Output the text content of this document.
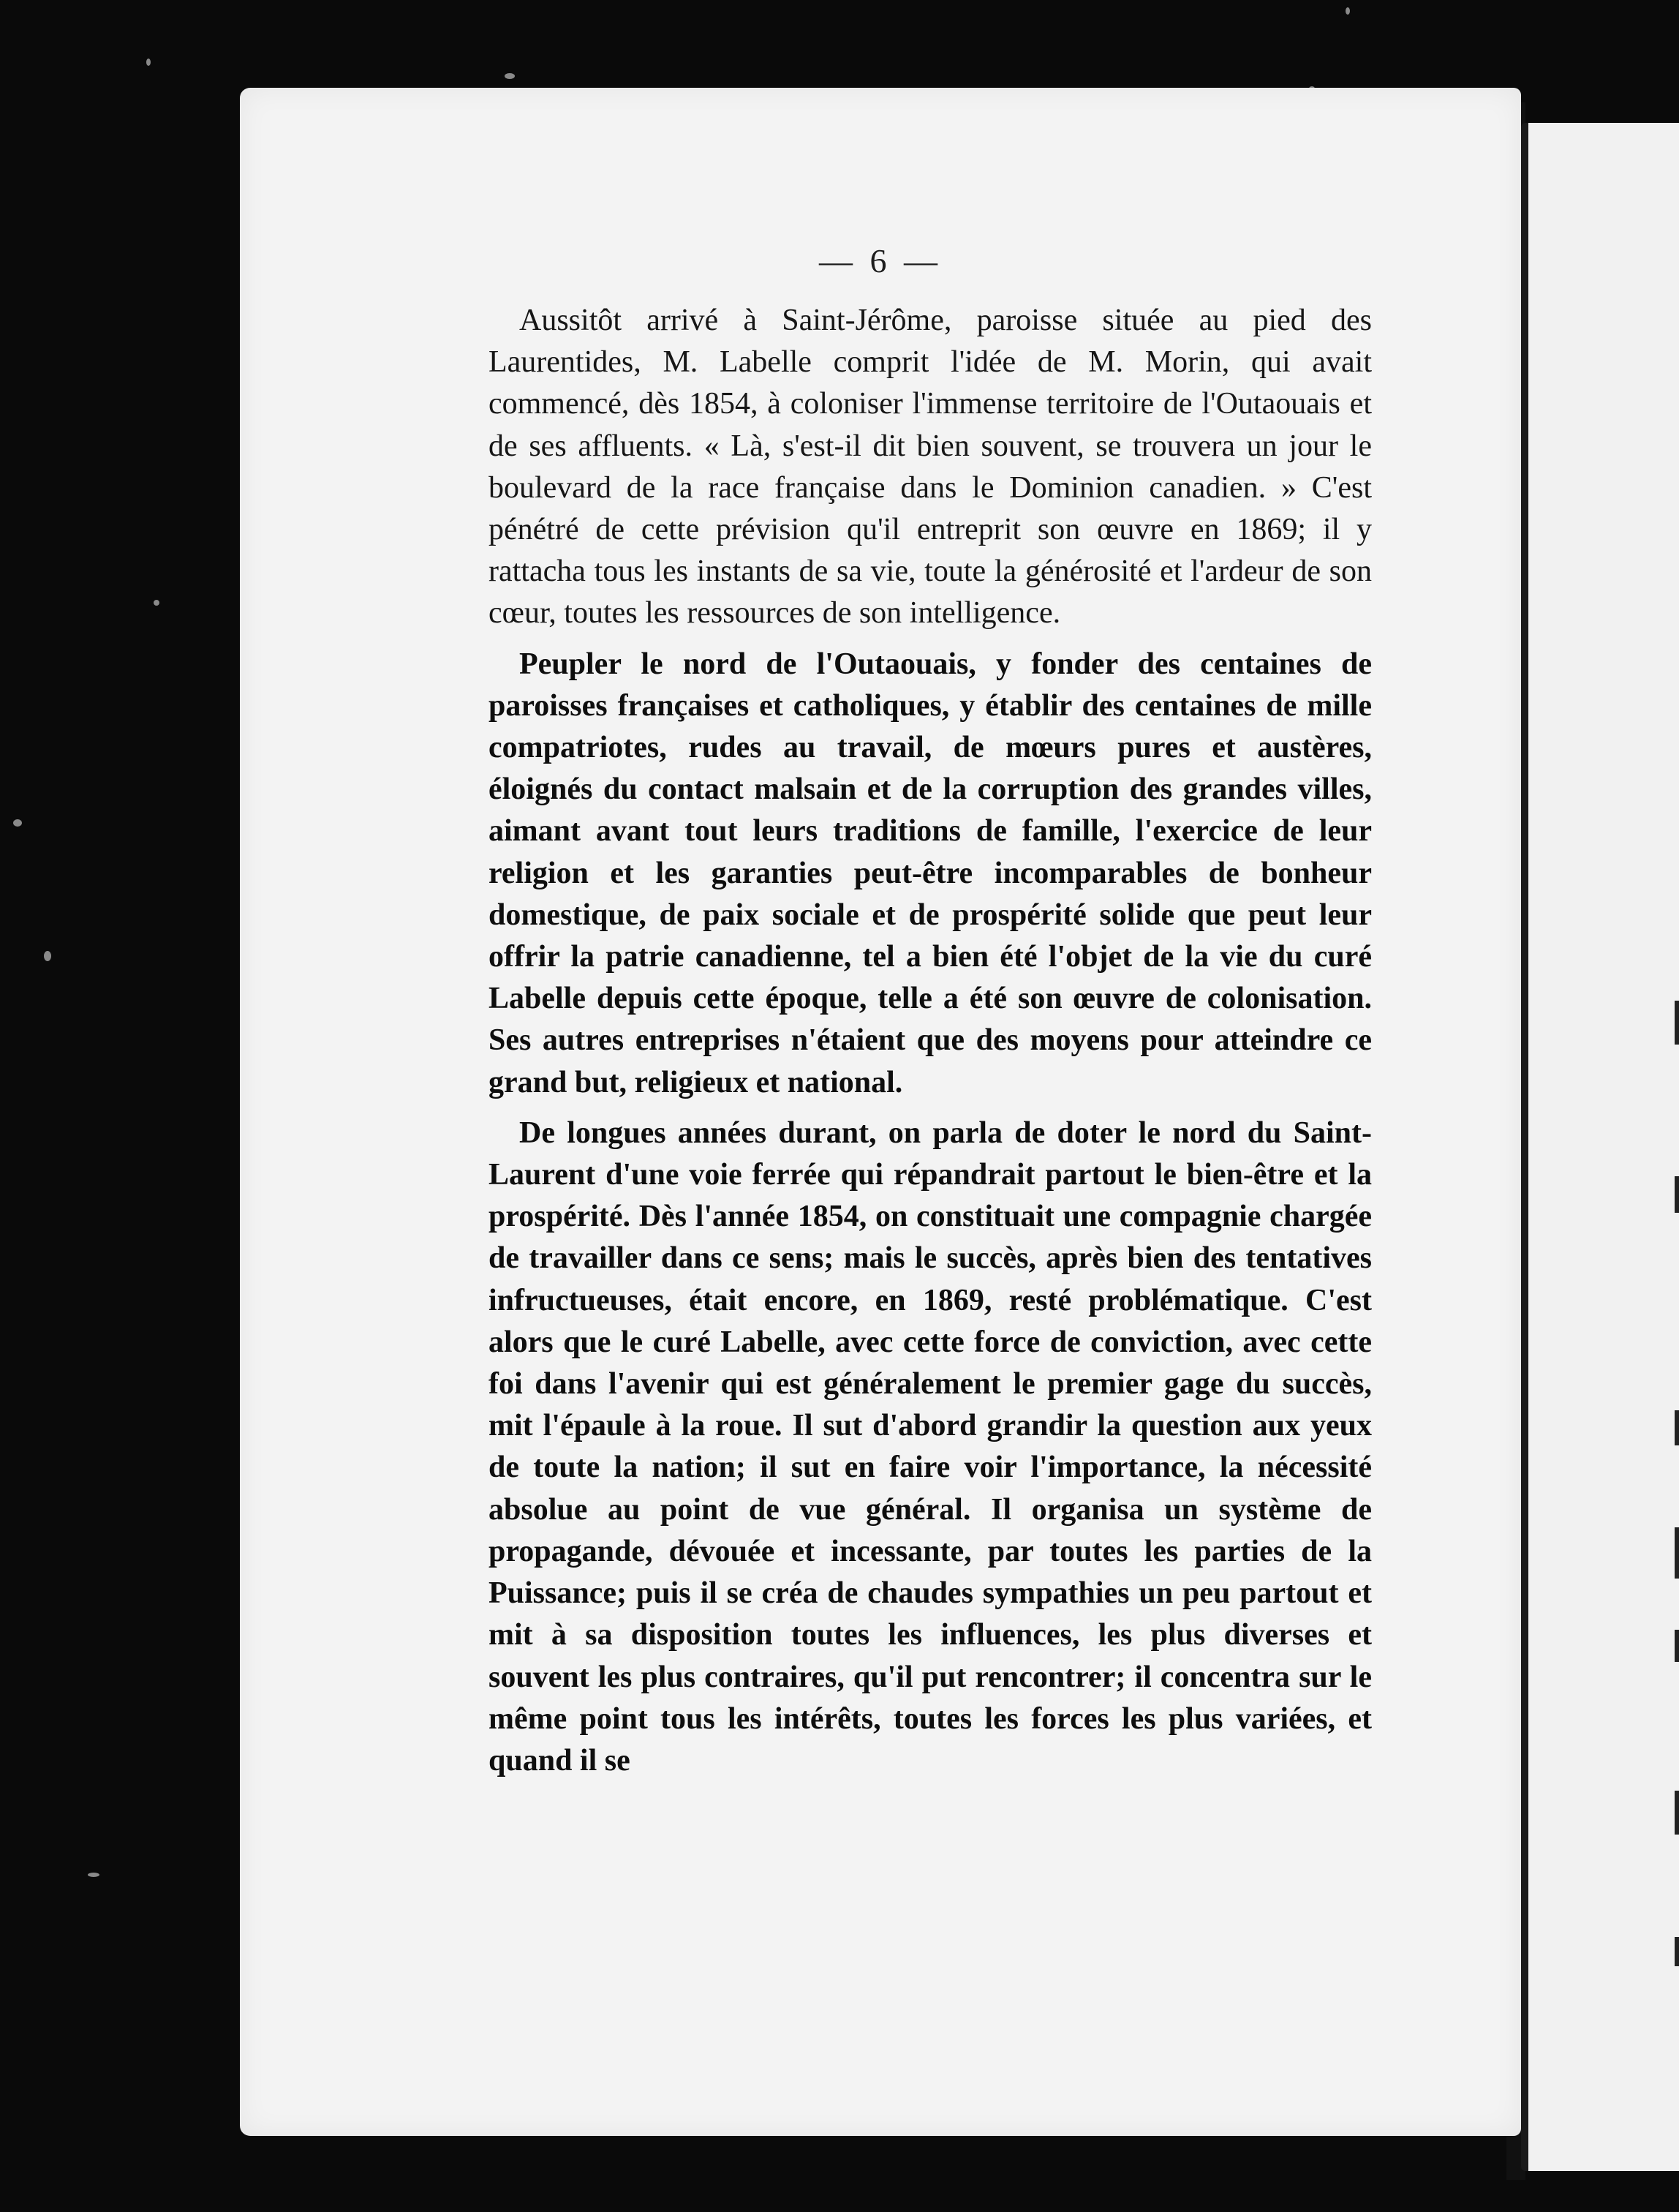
— 6 —

Aussitôt arrivé à Saint-Jérôme, paroisse située au pied des Laurentides, M. Labelle comprit l'idée de M. Morin, qui avait commencé, dès 1854, à coloniser l'immense territoire de l'Outaouais et de ses affluents. « Là, s'est-il dit bien souvent, se trouvera un jour le boulevard de la race française dans le Dominion canadien. » C'est pénétré de cette prévision qu'il entreprit son œuvre en 1869; il y rattacha tous les instants de sa vie, toute la générosité et l'ardeur de son cœur, toutes les ressources de son intelligence.

Peupler le nord de l'Outaouais, y fonder des centaines de paroisses françaises et catholiques, y établir des centaines de mille compatriotes, rudes au travail, de mœurs pures et austères, éloignés du contact malsain et de la corruption des grandes villes, aimant avant tout leurs traditions de famille, l'exercice de leur religion et les garanties peut-être incomparables de bonheur domestique, de paix sociale et de prospérité solide que peut leur offrir la patrie canadienne, tel a bien été l'objet de la vie du curé Labelle depuis cette époque, telle a été son œuvre de colonisation. Ses autres entreprises n'étaient que des moyens pour atteindre ce grand but, religieux et national.

De longues années durant, on parla de doter le nord du Saint-Laurent d'une voie ferrée qui répandrait partout le bien-être et la prospérité. Dès l'année 1854, on constituait une compagnie chargée de travailler dans ce sens; mais le succès, après bien des tentatives infructueuses, était encore, en 1869, resté problématique. C'est alors que le curé Labelle, avec cette force de conviction, avec cette foi dans l'avenir qui est généralement le premier gage du succès, mit l'épaule à la roue. Il sut d'abord grandir la question aux yeux de toute la nation; il sut en faire voir l'importance, la nécessité absolue au point de vue général. Il organisa un système de propagande, dévouée et incessante, par toutes les parties de la Puissance; puis il se créa de chaudes sympathies un peu partout et mit à sa disposition toutes les influences, les plus diverses et souvent les plus contraires, qu'il put rencontrer; il concentra sur le même point tous les intérêts, toutes les forces les plus variées, et quand il se
